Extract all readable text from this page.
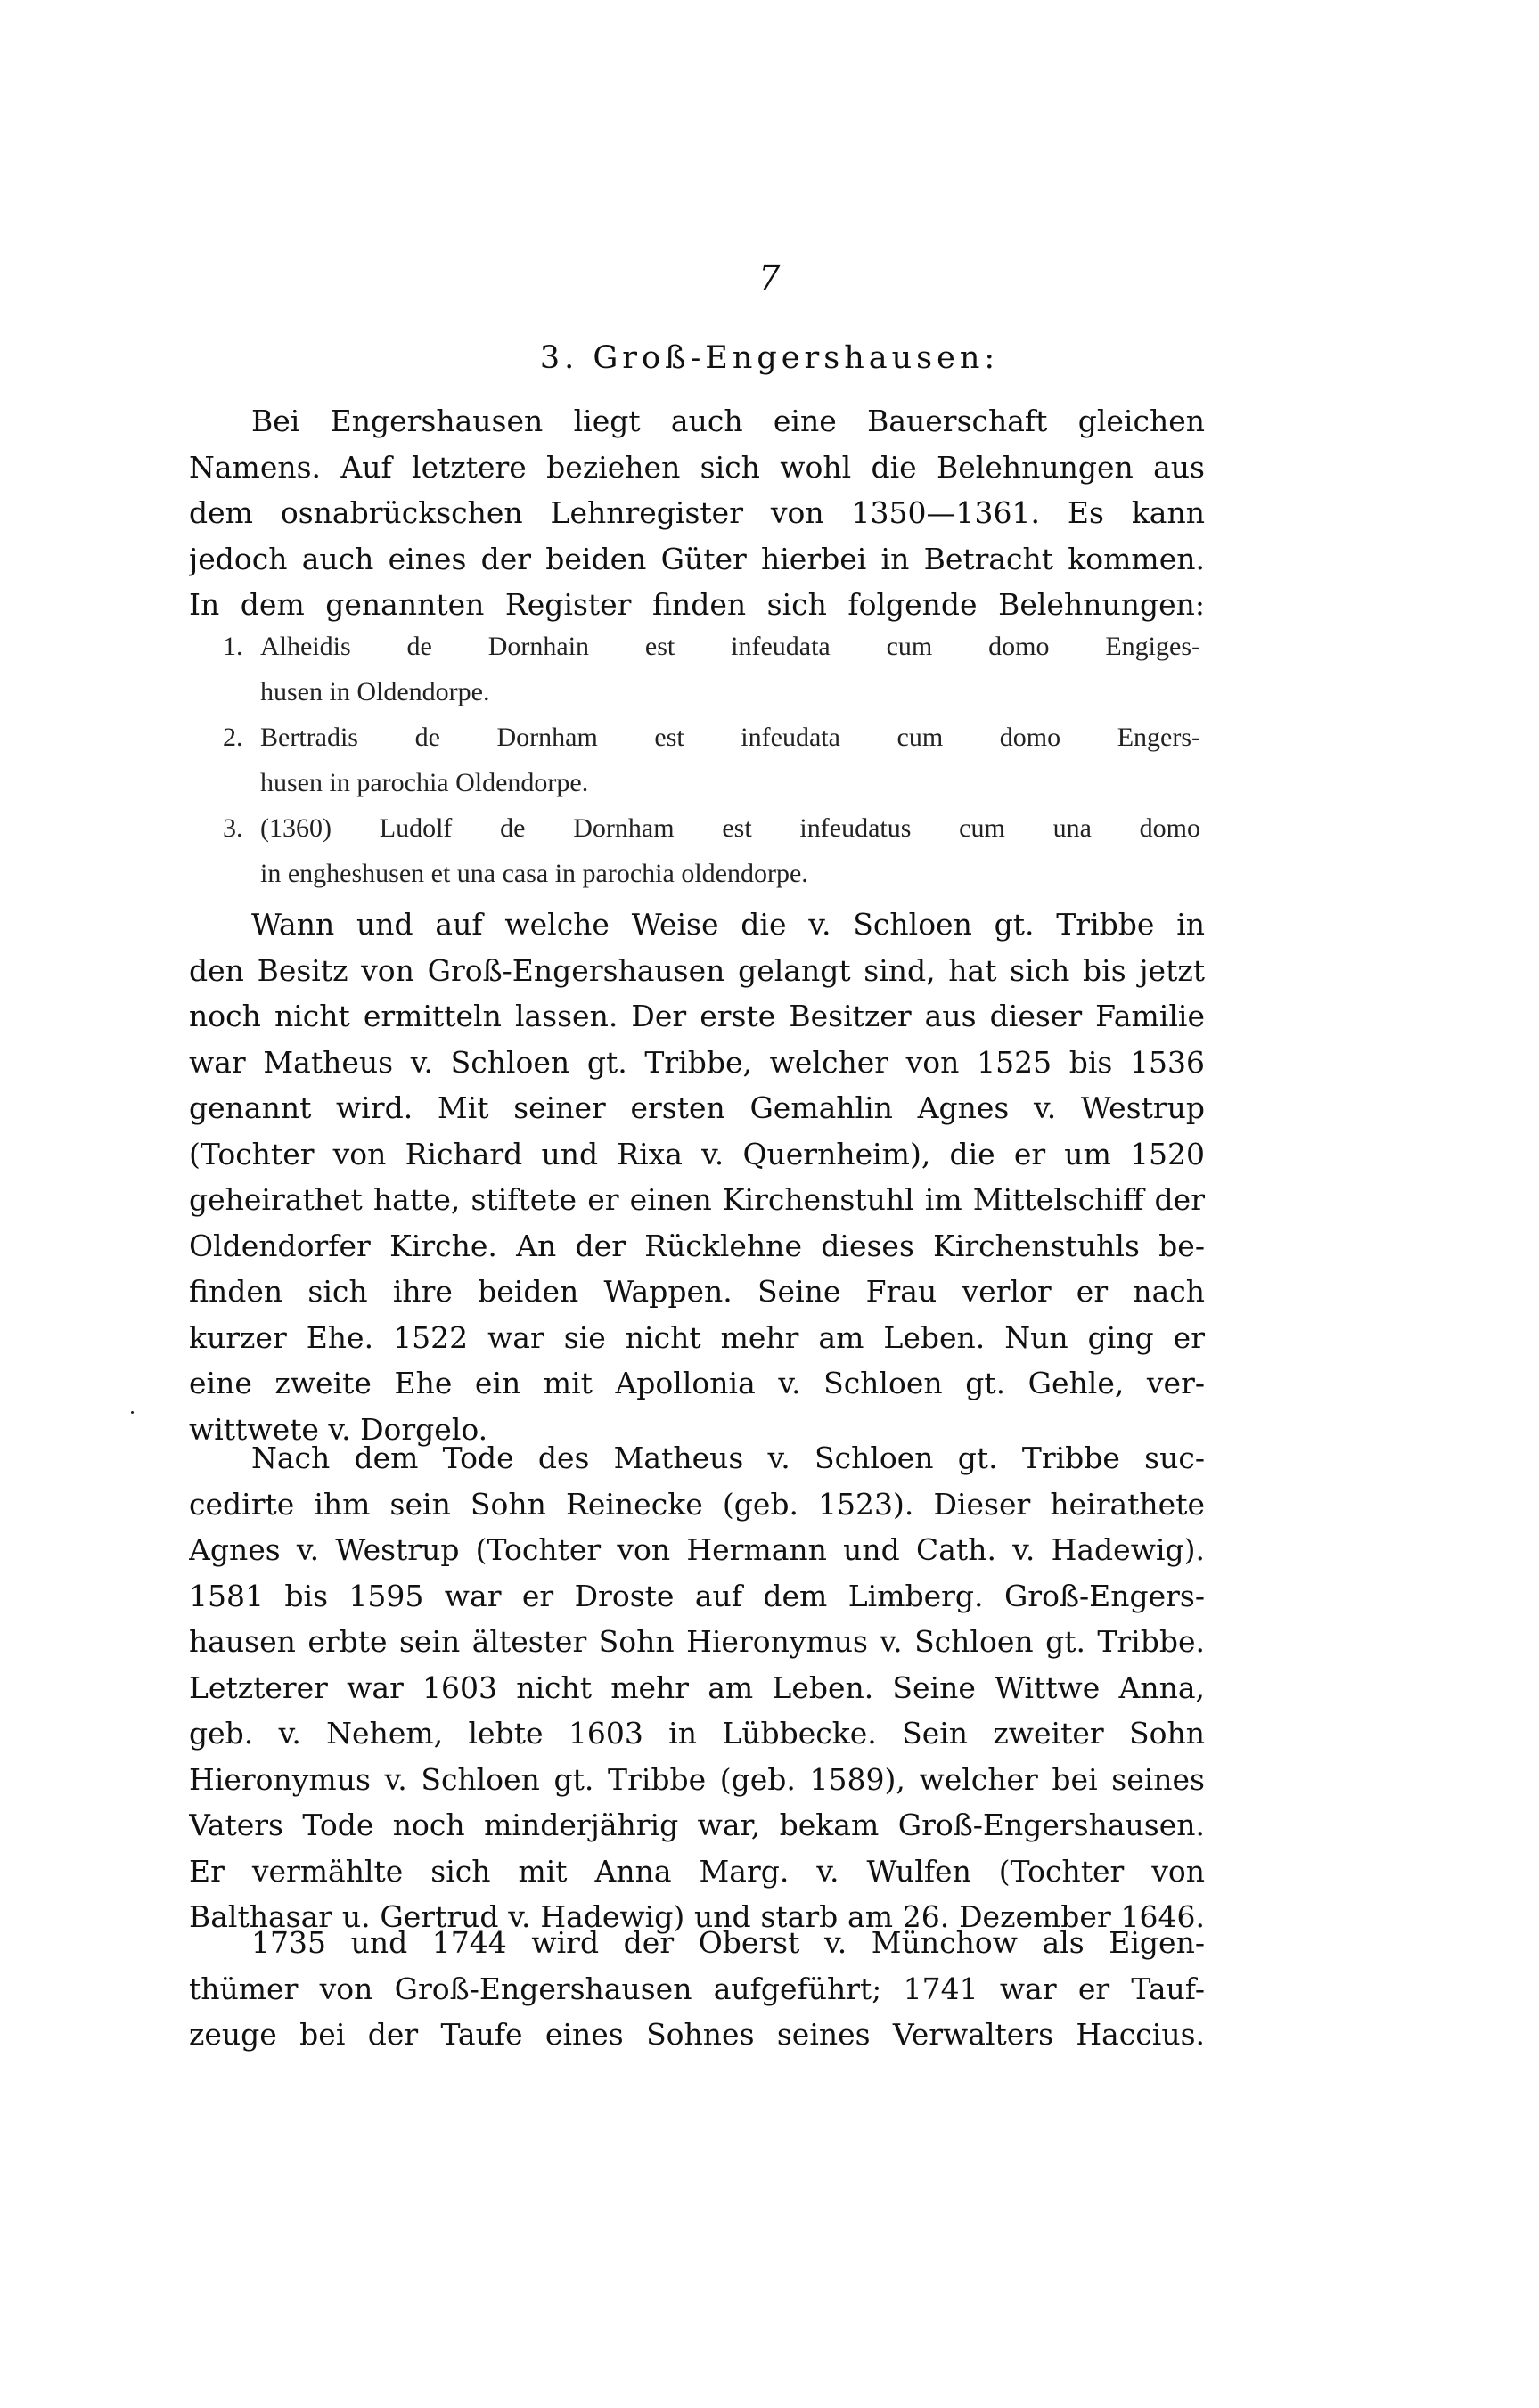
7
3. Groß-Engershausen:
Bei Engershausen liegt auch eine Bauerschaft gleichen
Namens. Auf letztere beziehen sich wohl die Belehnungen aus
dem osnabrückschen Lehnregister von 1350—1361. Es kann
jedoch auch eines der beiden Güter hierbei in Betracht kommen.
In dem genannten Register finden sich folgende Belehnungen:
1. Alheidis de Dornhain est infeudata cum domo Engiges-
husen in Oldendorpe.
2. Bertradis de Dornham est infeudata cum domo Engers-
husen in parochia Oldendorpe.
3. (1360) Ludolf de Dornham est infeudatus cum una domo
in engheshusen et una casa in parochia oldendorpe.
Wann und auf welche Weise die v. Schloen gt. Tribbe in
den Besitz von Groß-Engershausen gelangt sind, hat sich bis jetzt
noch nicht ermitteln lassen. Der erste Besitzer aus dieser Familie
war Matheus v. Schloen gt. Tribbe, welcher von 1525 bis 1536
genannt wird. Mit seiner ersten Gemahlin Agnes v. Westrup
(Tochter von Richard und Rixa v. Quernheim), die er um 1520
geheirathet hatte, stiftete er einen Kirchenstuhl im Mittelschiff der
Oldendorfer Kirche. An der Rücklehne dieses Kirchenstuhls be-
finden sich ihre beiden Wappen. Seine Frau verlor er nach
kurzer Ehe. 1522 war sie nicht mehr am Leben. Nun ging er
eine zweite Ehe ein mit Apollonia v. Schloen gt. Gehle, ver-
wittwete v. Dorgelo.
Nach dem Tode des Matheus v. Schloen gt. Tribbe suc-
cedirte ihm sein Sohn Reinecke (geb. 1523). Dieser heirathete
Agnes v. Westrup (Tochter von Hermann und Cath. v. Hadewig).
1581 bis 1595 war er Droste auf dem Limberg. Groß-Engers-
hausen erbte sein ältester Sohn Hieronymus v. Schloen gt. Tribbe.
Letzterer war 1603 nicht mehr am Leben. Seine Wittwe Anna,
geb. v. Nehem, lebte 1603 in Lübbecke. Sein zweiter Sohn
Hieronymus v. Schloen gt. Tribbe (geb. 1589), welcher bei seines
Vaters Tode noch minderjährig war, bekam Groß-Engershausen.
Er vermählte sich mit Anna Marg. v. Wulfen (Tochter von
Balthasar u. Gertrud v. Hadewig) und starb am 26. Dezember 1646.
1735 und 1744 wird der Oberst v. Münchow als Eigen-
thümer von Groß-Engershausen aufgeführt; 1741 war er Tauf-
zeuge bei der Taufe eines Sohnes seines Verwalters Haccius.
